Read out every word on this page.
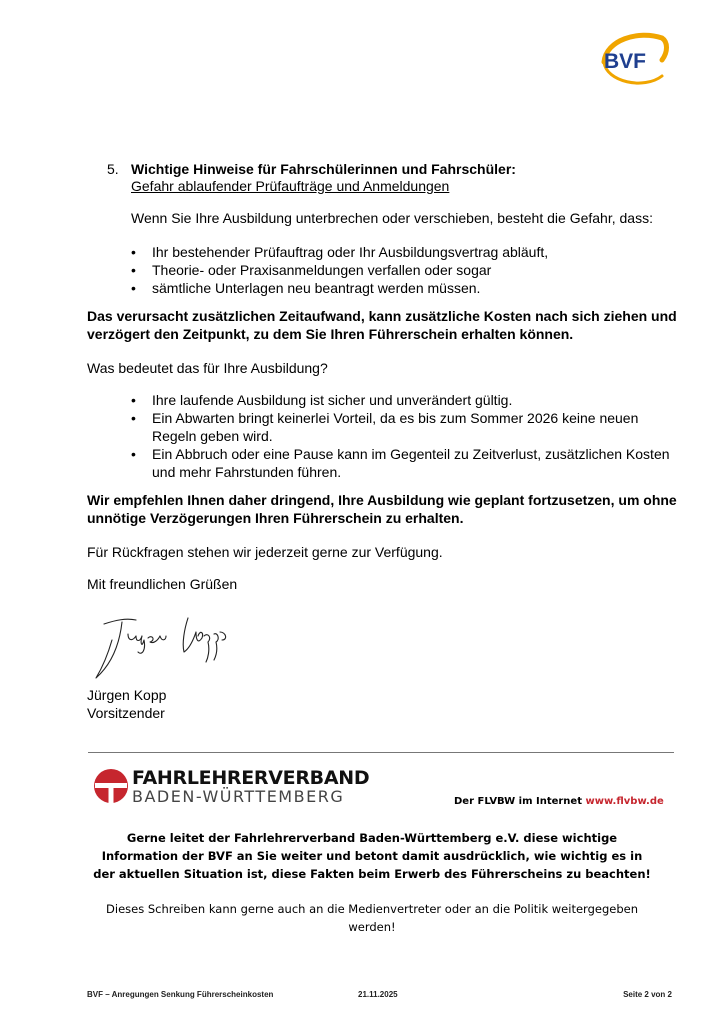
BVF
5. Wichtige Hinweise für Fahrschülerinnen und Fahrschüler:
Gefahr ablaufender Prüfaufträge und Anmeldungen
Wenn Sie Ihre Ausbildung unterbrechen oder verschieben, besteht die Gefahr, dass:
• Ihr bestehender Prüfauftrag oder Ihr Ausbildungsvertrag abläuft,
• Theorie- oder Praxisanmeldungen verfallen oder sogar
• sämtliche Unterlagen neu beantragt werden müssen.
Das verursacht zusätzlichen Zeitaufwand, kann zusätzliche Kosten nach sich ziehen und verzögert den Zeitpunkt, zu dem Sie Ihren Führerschein erhalten können.
Was bedeutet das für Ihre Ausbildung?
• Ihre laufende Ausbildung ist sicher und unverändert gültig.
• Ein Abwarten bringt keinerlei Vorteil, da es bis zum Sommer 2026 keine neuen Regeln geben wird.
• Ein Abbruch oder eine Pause kann im Gegenteil zu Zeitverlust, zusätzlichen Kosten und mehr Fahrstunden führen.
Wir empfehlen Ihnen daher dringend, Ihre Ausbildung wie geplant fortzusetzen, um ohne unnötige Verzögerungen Ihren Führerschein zu erhalten.
Für Rückfragen stehen wir jederzeit gerne zur Verfügung.
Mit freundlichen Grüßen
Jürgen Kopp
Vorsitzender
FAHRLEHRERVERBAND
BADEN-WÜRTTEMBERG	Der FLVBW im Internet www.flvbw.de
Gerne leitet der Fahrlehrerverband Baden-Württemberg e.V. diese wichtige Information der BVF an Sie weiter und betont damit ausdrücklich, wie wichtig es in der aktuellen Situation ist, diese Fakten beim Erwerb des Führerscheins zu beachten!
Dieses Schreiben kann gerne auch an die Medienvertreter oder an die Politik weitergegeben werden!
BVF – Anregungen Senkung Führerscheinkosten	21.11.2025	Seite 2 von 2
